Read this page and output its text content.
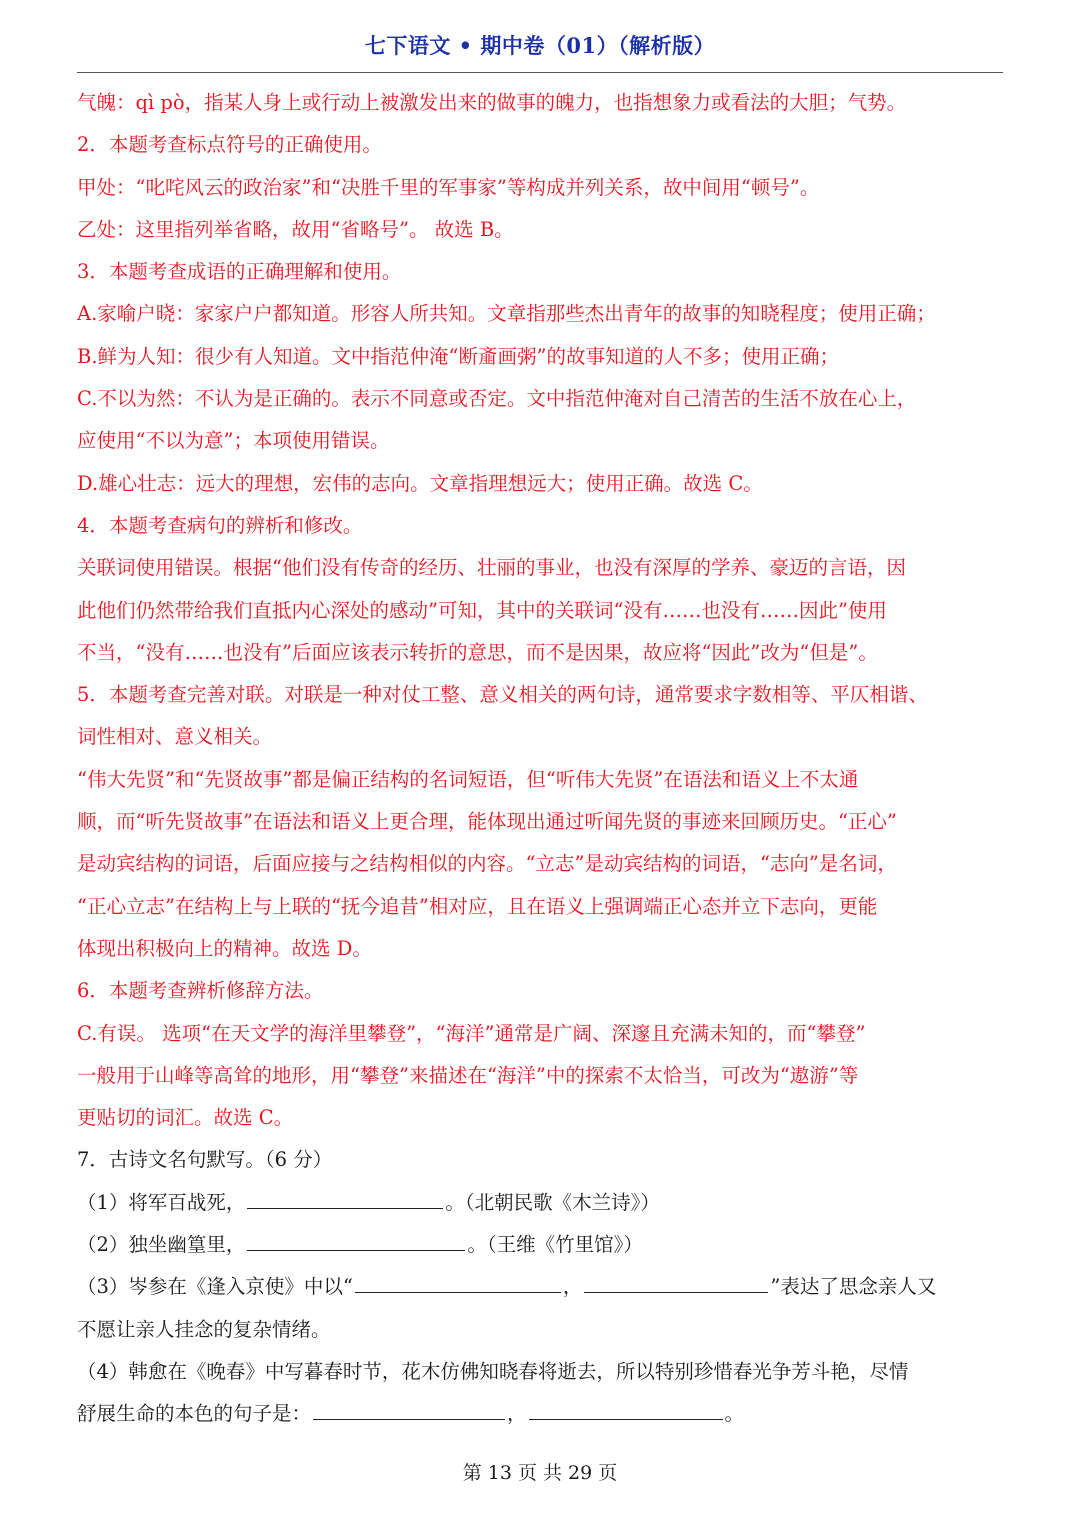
七下语文 • 期中卷（01）（解析版）
气魄：qì pò，指某人身上或行动上被激发出来的做事的魄力，也指想象力或看法的大胆；气势。
2．本题考查标点符号的正确使用。
甲处：“叱咤风云的政治家”和“决胜千里的军事家”等构成并列关系，故中间用“顿号”。
乙处：这里指列举省略，故用“省略号”。 故选 B。
3．本题考查成语的正确理解和使用。
A.家喻户晓：家家户户都知道。形容人所共知。文章指那些杰出青年的故事的知晓程度；使用正确；
B.鲜为人知：很少有人知道。文中指范仲淹“断齑画粥”的故事知道的人不多；使用正确；
C.不以为然：不认为是正确的。表示不同意或否定。文中指范仲淹对自己清苦的生活不放在心上，
应使用“不以为意”；本项使用错误。
D.雄心壮志：远大的理想，宏伟的志向。文章指理想远大；使用正确。故选 C。
4．本题考查病句的辨析和修改。
关联词使用错误。根据“他们没有传奇的经历、壮丽的事业，也没有深厚的学养、豪迈的言语，因
此他们仍然带给我们直抵内心深处的感动”可知，其中的关联词“没有……也没有……因此”使用
不当，“没有……也没有”后面应该表示转折的意思，而不是因果，故应将“因此”改为“但是”。
5．本题考查完善对联。对联是一种对仗工整、意义相关的两句诗，通常要求字数相等、平仄相谐、
词性相对、意义相关。
“伟大先贤”和“先贤故事”都是偏正结构的名词短语，但“听伟大先贤”在语法和语义上不太通
顺，而“听先贤故事”在语法和语义上更合理，能体现出通过听闻先贤的事迹来回顾历史。“正心”
是动宾结构的词语，后面应接与之结构相似的内容。“立志”是动宾结构的词语，“志向”是名词，
“正心立志”在结构上与上联的“抚今追昔”相对应，且在语义上强调端正心态并立下志向，更能
体现出积极向上的精神。故选 D。
6．本题考查辨析修辞方法。
C.有误。 选项“在天文学的海洋里攀登”，“海洋”通常是广阔、深邃且充满未知的，而“攀登”
一般用于山峰等高耸的地形，用“攀登”来描述在“海洋”中的探索不太恰当，可改为“遨游”等
更贴切的词汇。故选 C。
7．古诗文名句默写。（6 分）
（1）将军百战死，	。（北朝民歌《木兰诗》）
（2）独坐幽篁里，	。（王维《竹里馆》）
（3）岑参在《逢入京使》中以“	，	”表达了思念亲人又
不愿让亲人挂念的复杂情绪。
（4）韩愈在《晚春》中写暮春时节，花木仿佛知晓春将逝去，所以特别珍惜春光争芳斗艳，尽情
舒展生命的本色的句子是：	，	。
第 13 页 共 29 页
